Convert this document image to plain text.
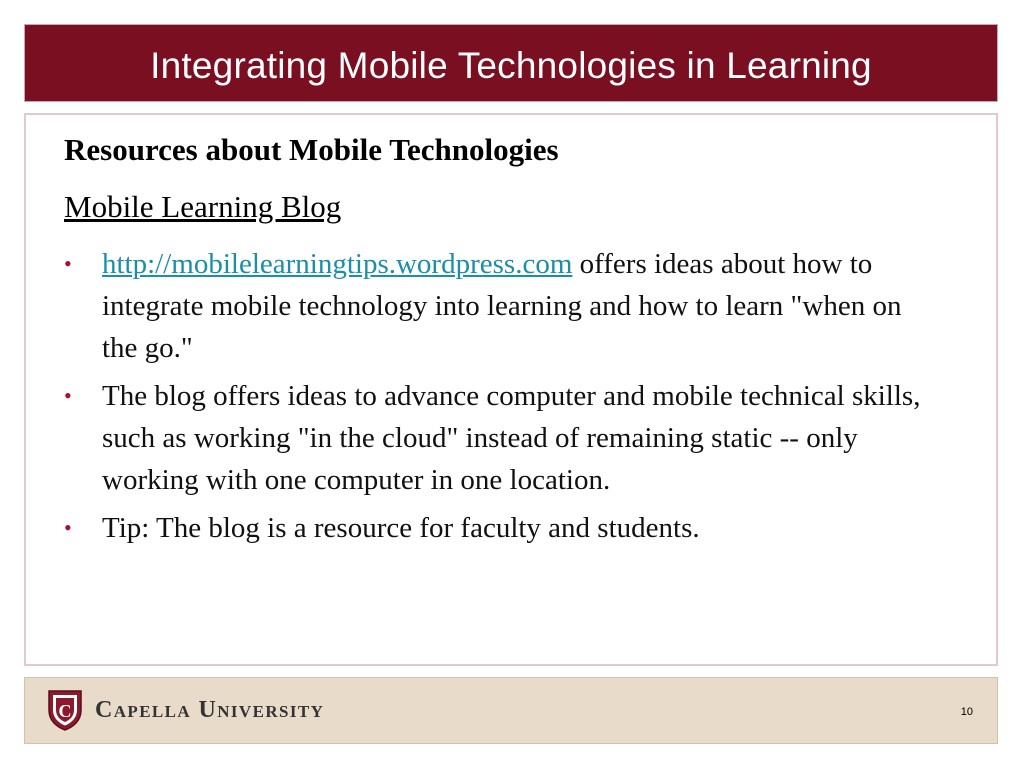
Integrating Mobile Technologies in Learning
Resources about Mobile Technologies
Mobile Learning Blog
• http://mobilelearningtips.wordpress.com offers ideas about how to integrate mobile technology into learning and how to learn "when on the go."
• The blog offers ideas to advance computer and mobile technical skills, such as working "in the cloud" instead of remaining static -- only working with one computer in one location.
• Tip: The blog is a resource for faculty and students.
C Capella University	10
